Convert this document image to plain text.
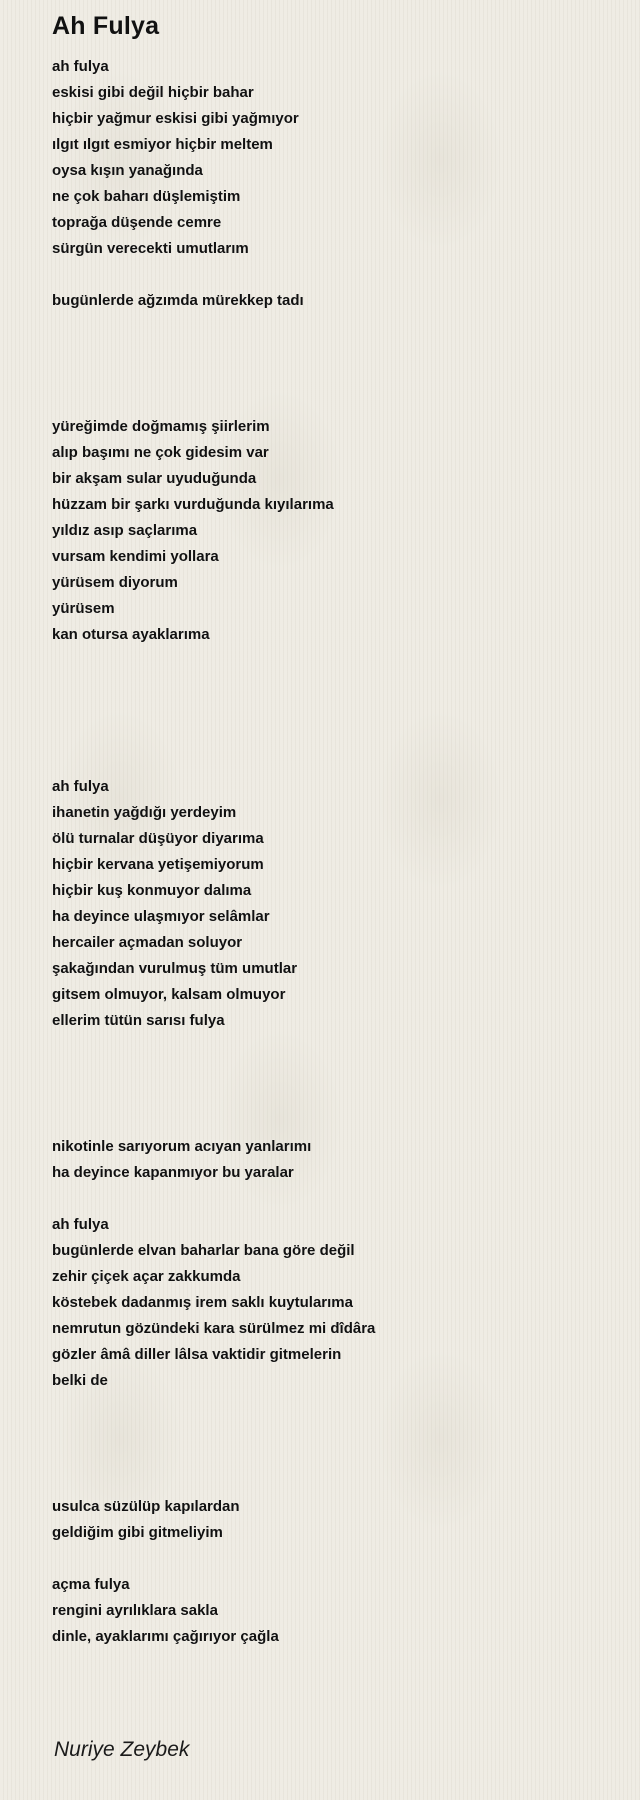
Ah Fulya
ah fulya
eskisi gibi değil hiçbir bahar
hiçbir yağmur eskisi gibi yağmıyor
ılgıt ılgıt esmiyor hiçbir meltem
oysa kışın yanağında
ne çok baharı düşlemiştim
toprağa düşende cemre
sürgün verecekti umutlarım
bugünlerde ağzımda mürekkep tadı
yüreğimde doğmamış şiirlerim
alıp başımı ne çok gidesim var
bir akşam sular uyuduğunda
hüzzam bir şarkı vurduğunda kıyılarıma
yıldız asıp saçlarıma
vursam kendimi yollara
yürüsem diyorum
yürüsem
kan otursa ayaklarıma
ah fulya
ihanetin yağdığı yerdeyim
ölü turnalar düşüyor diyarıma
hiçbir kervana yetişemiyorum
hiçbir kuş konmuyor dalıma
ha deyince ulaşmıyor selâmlar
hercailer açmadan soluyor
şakağından vurulmuş tüm umutlar
gitsem olmuyor, kalsam olmuyor
ellerim tütün sarısı fulya
nikotinle sarıyorum acıyan yanlarımı
ha deyince kapanmıyor bu yaralar
ah fulya
bugünlerde elvan baharlar bana göre değil
zehir çiçek açar zakkumda
köstebek dadanmış irem saklı kuytularıma
nemrutun gözündeki kara sürülmez mi dîdâra
gözler âmâ diller lâlsa vaktidir gitmelerin
belki de
usulca süzülüp kapılardan
geldiğim gibi gitmeliyim
açma fulya
rengini ayrılıklara sakla
dinle, ayaklarımı çağırıyor çağla
Nuriye Zeybek
